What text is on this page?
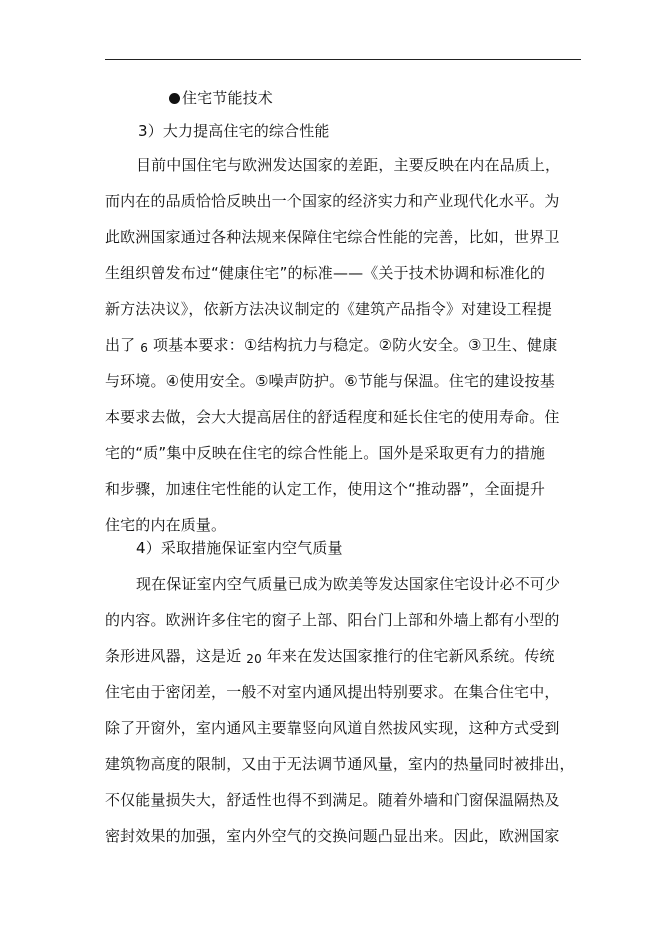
住宅节能技术
3）大力提高住宅的综合性能
目前中国住宅与欧洲发达国家的差距，主要反映在内在品质上，
而内在的品质恰恰反映出一个国家的经济实力和产业现代化水平。为
此欧洲国家通过各种法规来保障住宅综合性能的完善，比如，世界卫
生组织曾发布过“健康住宅”的标准——《关于技术协调和标准化的
新方法决议》，依新方法决议制定的《建筑产品指令》对建设工程提
出了 6 项基本要求：①结构抗力与稳定。②防火安全。③卫生、健康
与环境。④使用安全。⑤噪声防护。⑥节能与保温。住宅的建设按基
本要求去做，会大大提高居住的舒适程度和延长住宅的使用寿命。住
宅的“质”集中反映在住宅的综合性能上。国外是采取更有力的措施
和步骤，加速住宅性能的认定工作，使用这个“推动器”，全面提升
住宅的内在质量。
4）采取措施保证室内空气质量
现在保证室内空气质量已成为欧美等发达国家住宅设计必不可少
的内容。欧洲许多住宅的窗子上部、阳台门上部和外墙上都有小型的
条形进风器，这是近 20 年来在发达国家推行的住宅新风系统。传统
住宅由于密闭差，一般不对室内通风提出特别要求。在集合住宅中，
除了开窗外，室内通风主要靠竖向风道自然拔风实现，这种方式受到
建筑物高度的限制，又由于无法调节通风量，室内的热量同时被排出，
不仅能量损失大，舒适性也得不到满足。随着外墙和门窗保温隔热及
密封效果的加强，室内外空气的交换问题凸显出来。因此，欧洲国家
